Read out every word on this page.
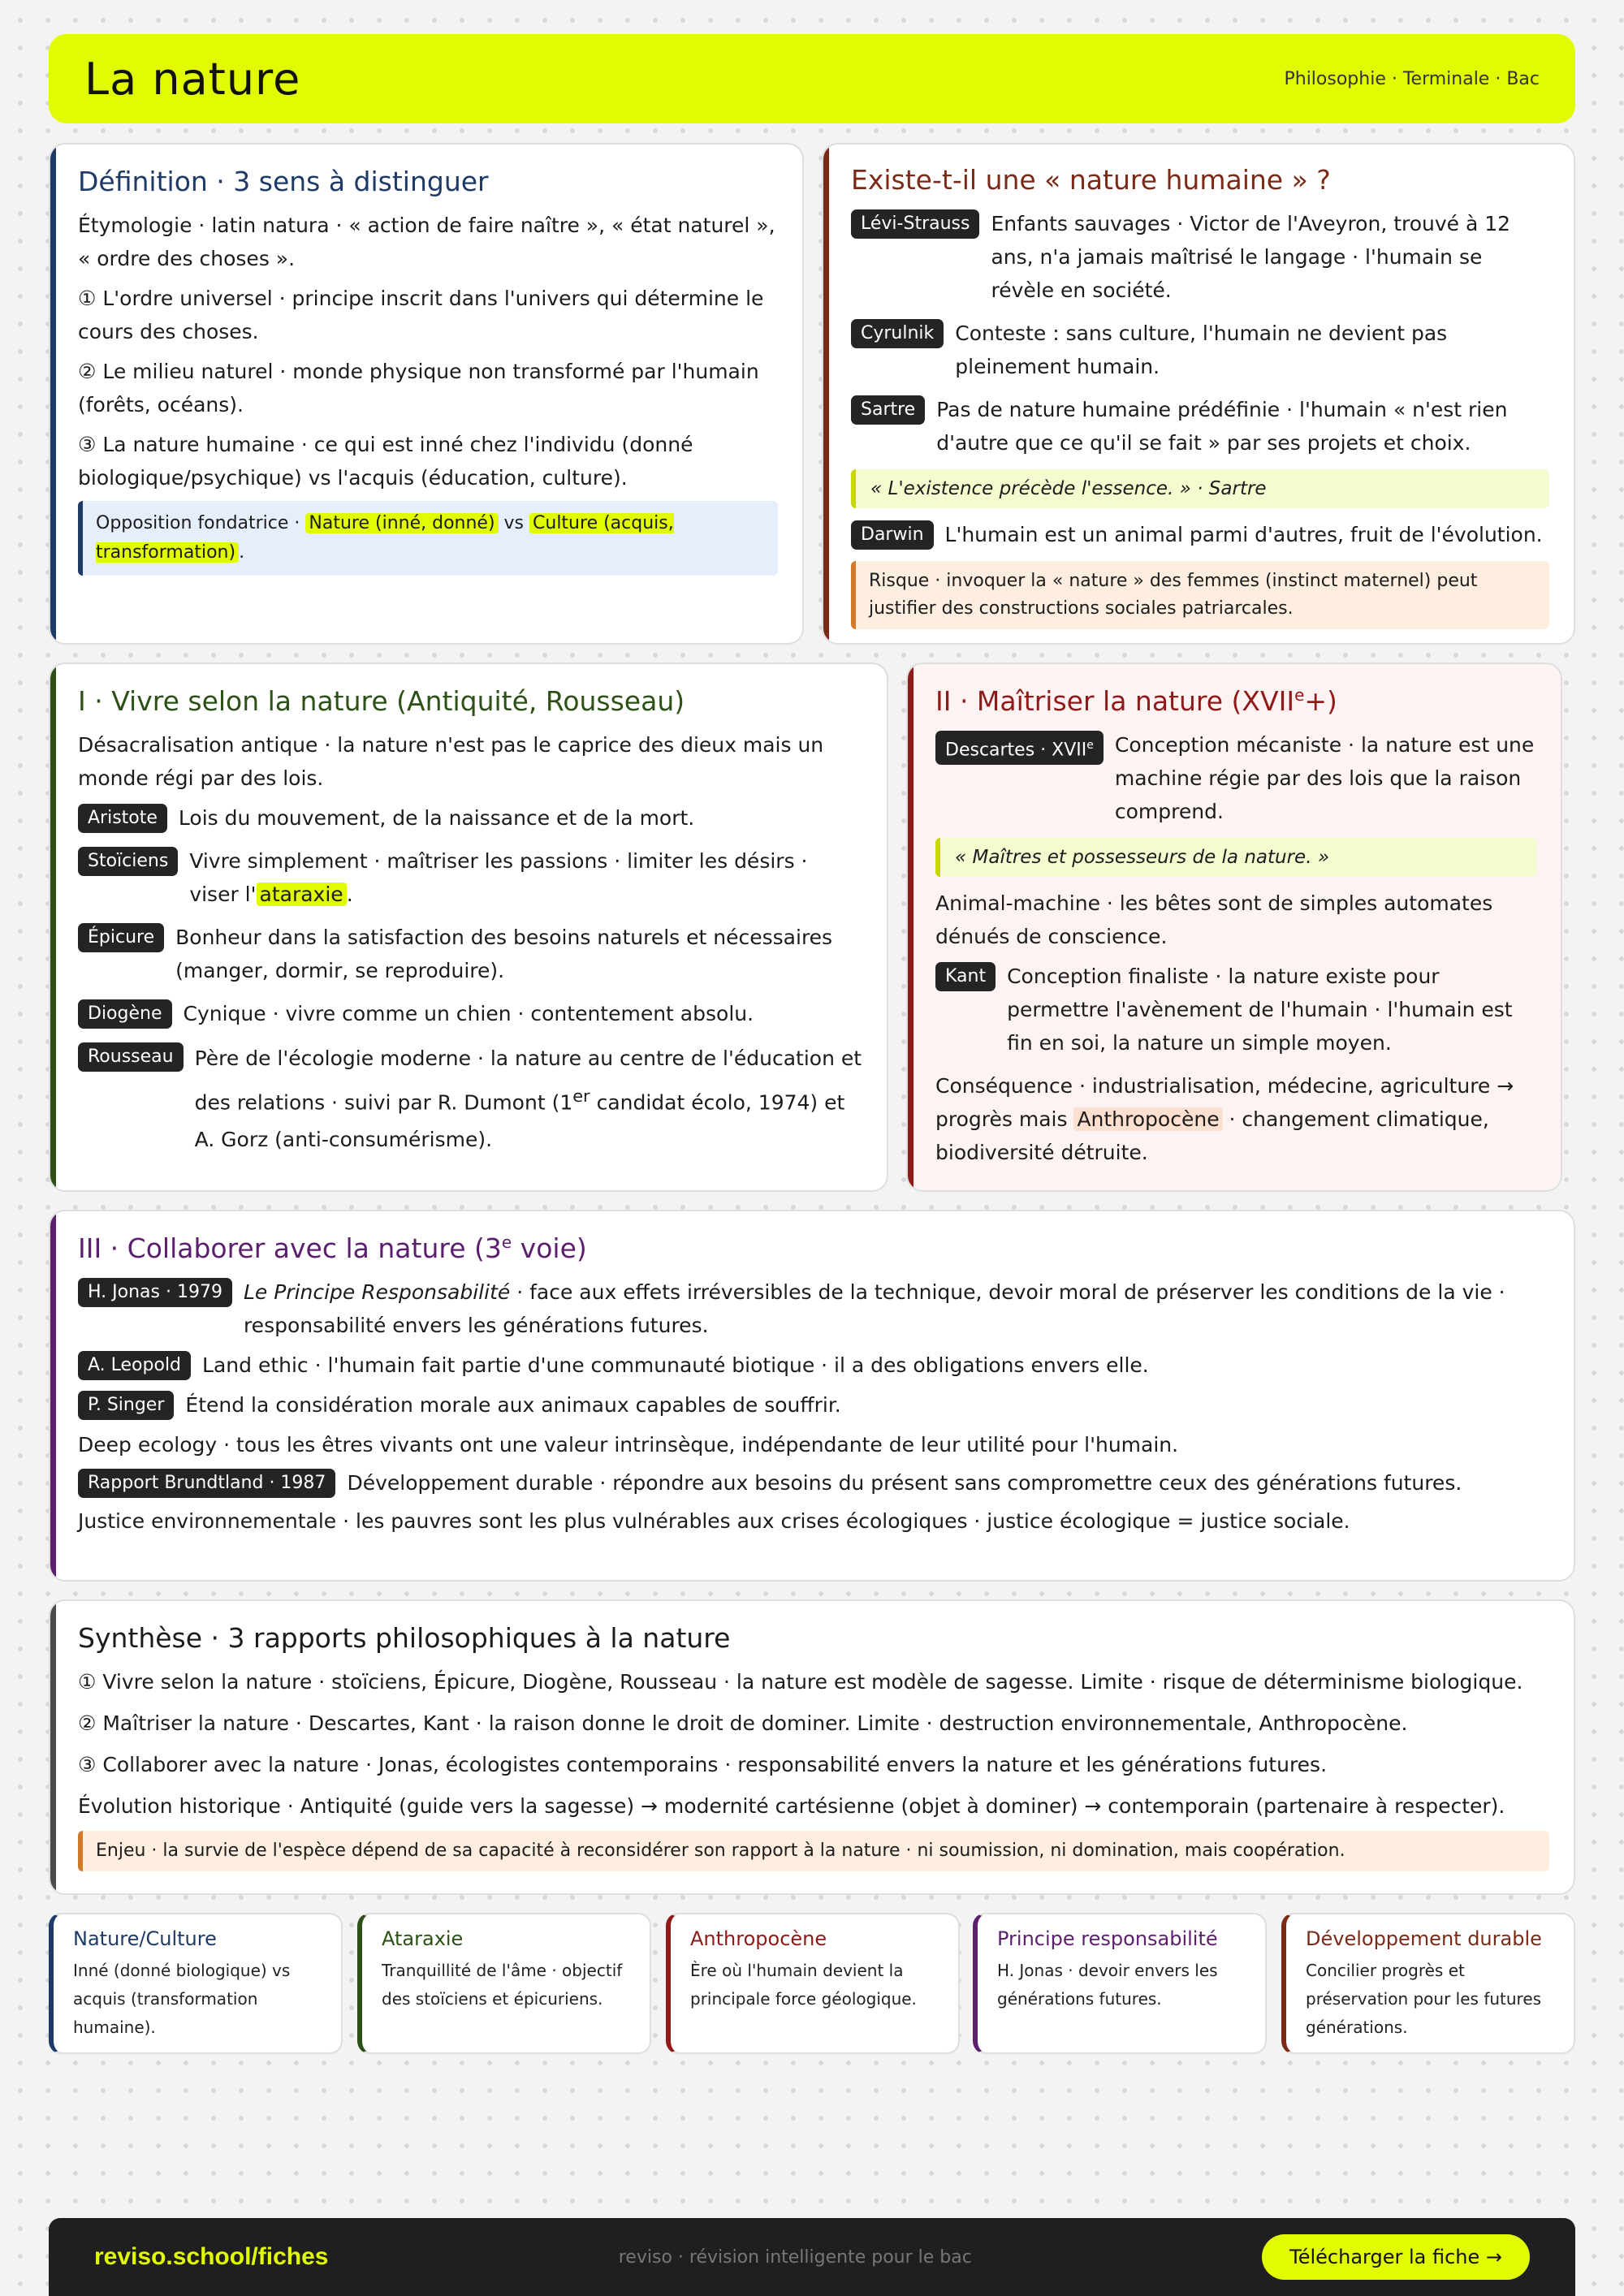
La nature	Philosophie · Terminale · Bac
Définition · 3 sens à distinguer

Étymologie · latin natura · « action de faire naître », « état naturel », « ordre des choses ».

① L'ordre universel · principe inscrit dans l'univers qui détermine le cours des choses.

② Le milieu naturel · monde physique non transformé par l'humain (forêts, océans).

③ La nature humaine · ce qui est inné chez l'individu (donné biologique/psychique) vs l'acquis (éducation, culture).

Opposition fondatrice · Nature (inné, donné) vs Culture (acquis, transformation) .
Existe-t-il une « nature humaine » ?
Lévi-Strauss	Enfants sauvages · Victor de l'Aveyron, trouvé à 12 ans, n'a jamais maîtrisé le langage · l'humain se révèle en société.
Cyrulnik	Conteste : sans culture, l'humain ne devient pas pleinement humain.
Sartre	Pas de nature humaine prédéfinie · l'humain « n'est rien d'autre que ce qu'il se fait » par ses projets et choix.
« L'existence précède l'essence. » · Sartre
Darwin	L'humain est un animal parmi d'autres, fruit de l'évolution.
Risque · invoquer la « nature » des femmes (instinct maternel) peut justifier des constructions sociales patriarcales.
I · Vivre selon la nature (Antiquité, Rousseau)

Désacralisation antique · la nature n'est pas le caprice des dieux mais un monde régi par des lois.

Aristote	Lois du mouvement, de la naissance et de la mort.
Stoïciens	Vivre simplement · maîtriser les passions · limiter les désirs · viser l' ataraxie .
Épicure	Bonheur dans la satisfaction des besoins naturels et nécessaires (manger, dormir, se reproduire).
Diogène	Cynique · vivre comme un chien · contentement absolu.
Rousseau	Père de l'écologie moderne · la nature au centre de l'éducation et des relations · suivi par R. Dumont (1er candidat écolo, 1974) et A. Gorz (anti-consumérisme).
II · Maîtriser la nature $(XVII^e+)$
Descartes · $XVII^e$	Conception mécaniste · la nature est une machine régie par des lois que la raison comprend.
« Maîtres et possesseurs de la nature. »

Animal-machine · les bêtes sont de simples automates dénués de conscience.

Kant	Conception finaliste · la nature existe pour permettre l'avènement de l'humain · l'humain est fin en soi, la nature un simple moyen.

Conséquence · industrialisation, médecine, agriculture → progrès mais Anthropocène · changement climatique, biodiversité détruite.

III · Collaborer avec la nature (3e voie)
H. Jonas · 1979	Le Principe Responsabilité · face aux effets irréversibles de la technique, devoir moral de préserver les conditions de la vie · responsabilité envers les générations futures.
A. Leopold	Land ethic · l'humain fait partie d'une communauté biotique · il a des obligations envers elle.
P. Singer	Étend la considération morale aux animaux capables de souffrir.

Deep ecology · tous les êtres vivants ont une valeur intrinsèque, indépendante de leur utilité pour l'humain.

Rapport Brundtland · 1987	Développement durable · répondre aux besoins du présent sans compromettre ceux des générations futures.

Justice environnementale · les pauvres sont les plus vulnérables aux crises écologiques · justice écologique = justice sociale.

Synthèse · 3 rapports philosophiques à la nature

① Vivre selon la nature · stoïciens, Épicure, Diogène, Rousseau · la nature est modèle de sagesse. Limite · risque de déterminisme biologique.

② Maîtriser la nature · Descartes, Kant · la raison donne le droit de dominer. Limite · destruction environnementale, Anthropocène.

③ Collaborer avec la nature · Jonas, écologistes contemporains · responsabilité envers la nature et les générations futures.

Évolution historique · Antiquité (guide vers la sagesse) → modernité cartésienne (objet à dominer) → contemporain (partenaire à respecter).

Enjeu · la survie de l'espèce dépend de sa capacité à reconsidérer son rapport à la nature · ni soumission, ni domination, mais coopération.
Nature/Culture

Inné (donné biologique) vs acquis (transformation humaine).

Ataraxie

Tranquillité de l'âme · objectif des stoïciens et épicuriens.

Anthropocène

Ère où l'humain devient la principale force géologique.

Principe responsabilité

H. Jonas · devoir envers les générations futures.

Développement durable

Concilier progrès et préservation pour les futures générations.

reviso.school/fiches	reviso · révision intelligente pour le bac	Télécharger la fiche →
